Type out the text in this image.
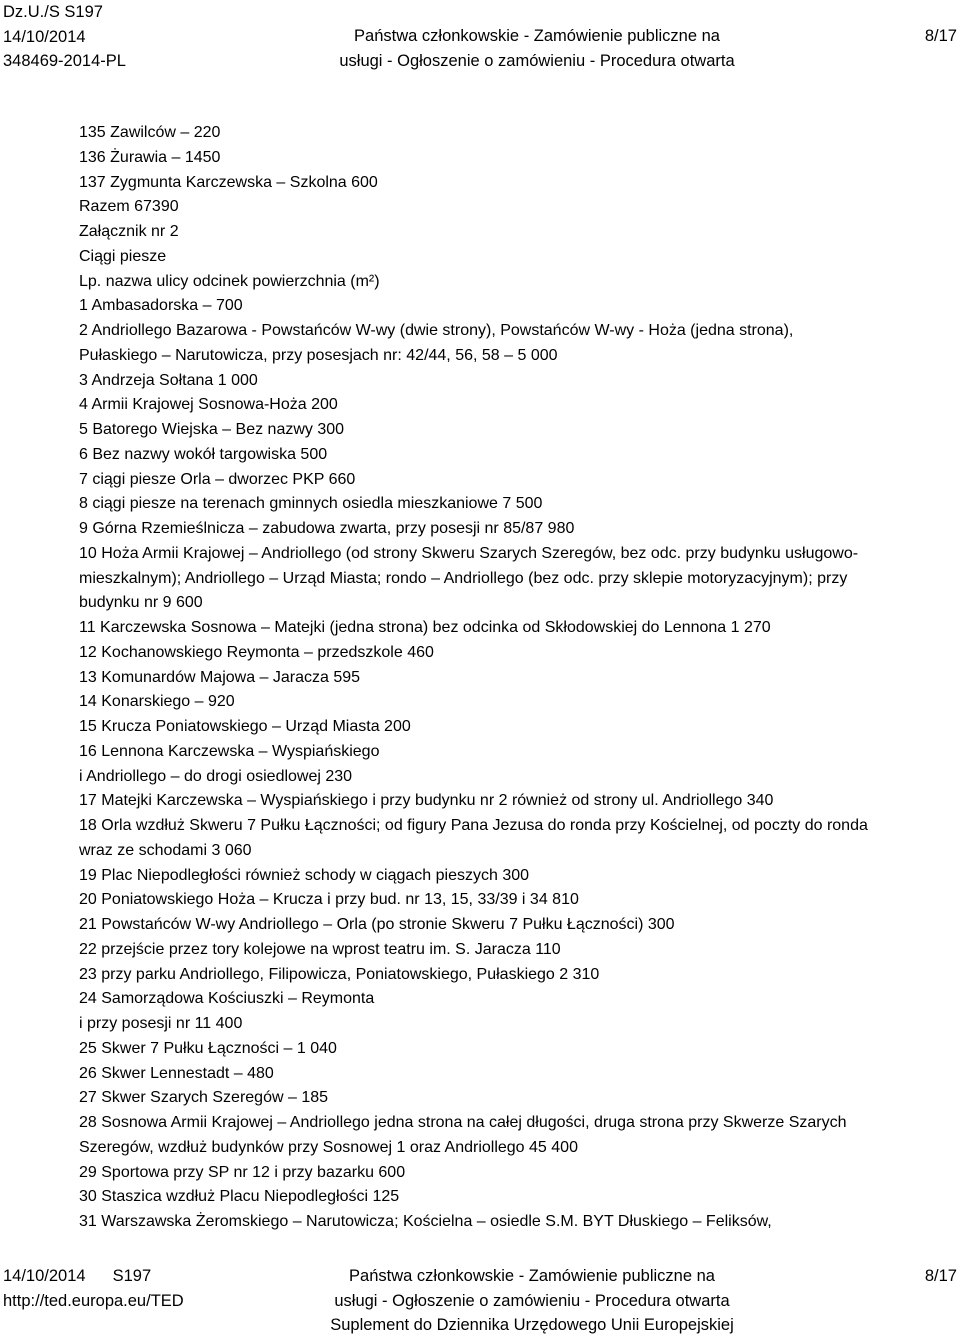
Dz.U./S S197
14/10/2014
348469-2014-PL
Państwa członkowskie - Zamówienie publiczne na
usługi - Ogłoszenie o zamówieniu - Procedura otwarta
8/17
135 Zawilców – 220
136 Żurawia – 1450
137 Zygmunta Karczewska – Szkolna 600
Razem 67390
Załącznik nr 2
Ciągi piesze
Lp. nazwa ulicy odcinek powierzchnia (m²)
1 Ambasadorska – 700
2 Andriollego Bazarowa - Powstańców W-wy (dwie strony), Powstańców W-wy - Hoża (jedna strona),
Pułaskiego – Narutowicza, przy posesjach nr: 42/44, 56, 58 – 5 000
3 Andrzeja Sołtana 1 000
4 Armii Krajowej Sosnowa-Hoża 200
5 Batorego Wiejska – Bez nazwy 300
6 Bez nazwy wokół targowiska 500
7 ciągi piesze Orla – dworzec PKP 660
8 ciągi piesze na terenach gminnych osiedla mieszkaniowe 7 500
9 Górna Rzemieślnicza – zabudowa zwarta, przy posesji nr 85/87 980
10 Hoża Armii Krajowej – Andriollego (od strony Skweru Szarych Szeregów, bez odc. przy budynku usługowo-
mieszkalnym); Andriollego – Urząd Miasta; rondo – Andriollego (bez odc. przy sklepie motoryzacyjnym); przy
budynku nr 9 600
11 Karczewska Sosnowa – Matejki (jedna strona) bez odcinka od Skłodowskiej do Lennona 1 270
12 Kochanowskiego Reymonta – przedszkole 460
13 Komunardów Majowa – Jaracza 595
14 Konarskiego – 920
15 Krucza Poniatowskiego – Urząd Miasta 200
16 Lennona Karczewska – Wyspiańskiego
i Andriollego – do drogi osiedlowej 230
17 Matejki Karczewska – Wyspiańskiego i przy budynku nr 2 również od strony ul. Andriollego 340
18 Orla wzdłuż Skweru 7 Pułku Łączności; od figury Pana Jezusa do ronda przy Kościelnej, od poczty do ronda
wraz ze schodami 3 060
19 Plac Niepodległości również schody w ciągach pieszych 300
20 Poniatowskiego Hoża – Krucza i przy bud. nr 13, 15, 33/39 i 34 810
21 Powstańców W-wy Andriollego – Orla (po stronie Skweru 7 Pułku Łączności) 300
22 przejście przez tory kolejowe na wprost teatru im. S. Jaracza 110
23 przy parku Andriollego, Filipowicza, Poniatowskiego, Pułaskiego 2 310
24 Samorządowa Kościuszki – Reymonta
i przy posesji nr 11 400
25 Skwer 7 Pułku Łączności – 1 040
26 Skwer Lennestadt – 480
27 Skwer Szarych Szeregów – 185
28 Sosnowa Armii Krajowej – Andriollego jedna strona na całej długości, druga strona przy Skwerze Szarych
Szeregów, wzdłuż budynków przy Sosnowej 1 oraz Andriollego 45 400
29 Sportowa przy SP nr 12 i przy bazarku 600
30 Staszica wzdłuż Placu Niepodległości 125
31 Warszawska Żeromskiego – Narutowicza; Kościelna – osiedle S.M. BYT Dłuskiego – Feliksów,
14/10/2014 S197
http://ted.europa.eu/TED
Państwa członkowskie - Zamówienie publiczne na
usługi - Ogłoszenie o zamówieniu - Procedura otwarta
Suplement do Dziennika Urzędowego Unii Europejskiej
8/17
